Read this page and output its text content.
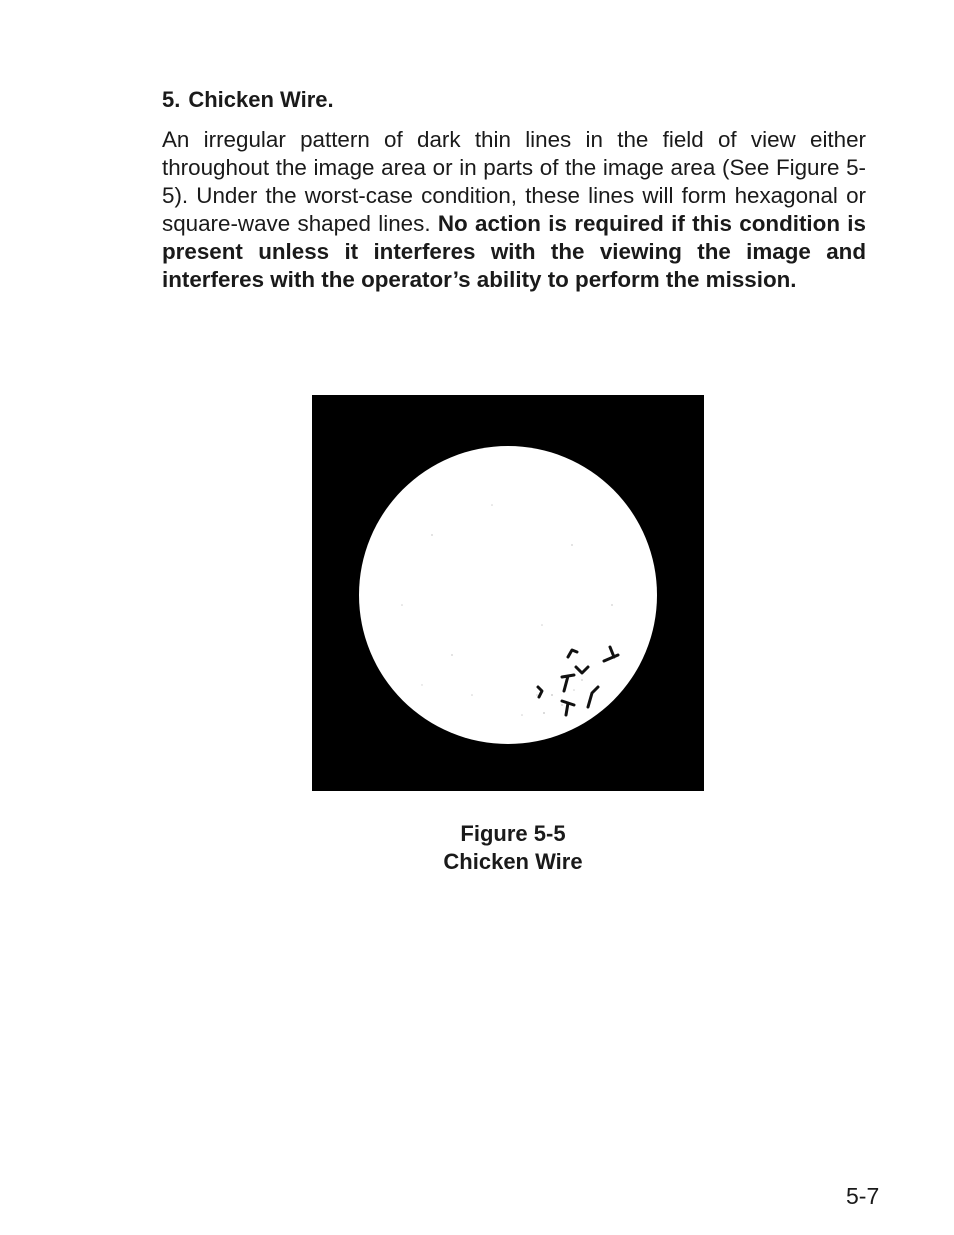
5. Chicken Wire.

An irregular pattern of dark thin lines in the field of view either throughout the image area or in parts of the image area (See Figure 5-5). Under the worst-case condition, these lines will form hexagonal or square-wave shaped lines. No action is required if this condition is present unless it interferes with the viewing the image and interferes with the operator’s ability to perform the mission.

Figure 5-5
Chicken Wire
5-7
